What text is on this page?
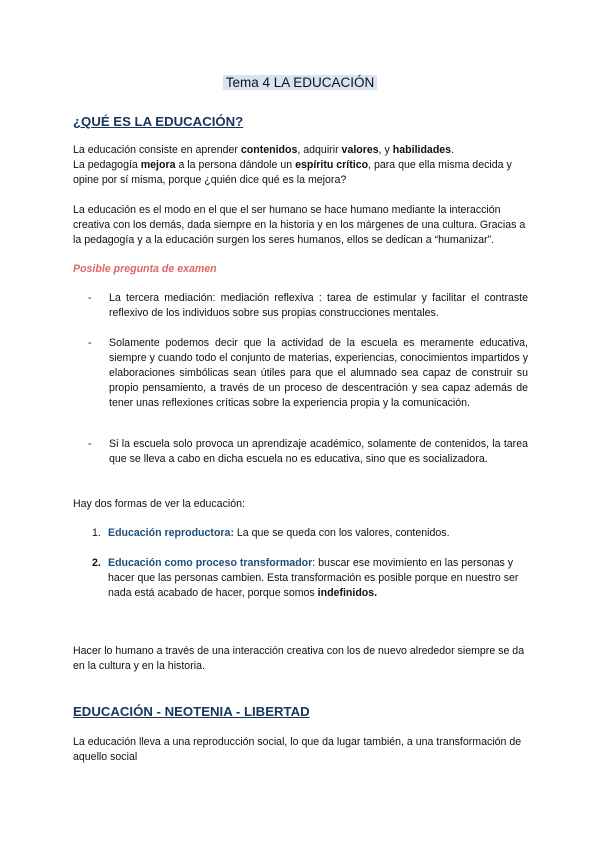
Tema 4 LA EDUCACIÓN
¿QUÉ ES LA EDUCACIÓN?
La educación consiste en aprender contenidos, adquirir valores, y habilidades.
La pedagogía mejora a la persona dándole un espíritu crítico, para que ella misma decida y opine por sí misma, porque ¿quién dice qué es la mejora?
La educación es el modo en el que el ser humano se hace humano mediante la interacción creativa con los demás, dada siempre en la historia y en los márgenes de una cultura. Gracias a la pedagogía y a la educación surgen los seres humanos, ellos se dedican a “humanizar”.
Posible pregunta de examen
- La tercera mediación: mediación reflexiva : tarea de estimular y facilitar el contraste reflexivo de los individuos sobre sus propias construcciones mentales.
- Solamente podemos decir que la actividad de la escuela es meramente educativa, siempre y cuando todo el conjunto de materias, experiencias, conocimientos impartidos y elaboraciones simbólicas sean útiles para que el alumnado sea capaz de construir su propio pensamiento, a través de un proceso de descentración y sea capaz además de tener unas reflexiones críticas sobre la experiencia propia y la comunicación.
- Si la escuela solo provoca un aprendizaje académico, solamente de contenidos, la tarea que se lleva a cabo en dicha escuela no es educativa, sino que es socializadora.
Hay dos formas de ver la educación:
1. Educación reproductora: La que se queda con los valores, contenidos.
2. Educación como proceso transformador: buscar ese movimiento en las personas y hacer que las personas cambien. Esta transformación es posible porque en nuestro ser nada está acabado de hacer, porque somos indefinidos.
Hacer lo humano a través de una interacción creativa con los de nuevo alrededor siempre se da en la cultura y en la historia.
EDUCACIÓN - NEOTENIA - LIBERTAD
La educación lleva a una reproducción social, lo que da lugar también, a una transformación de aquello social
